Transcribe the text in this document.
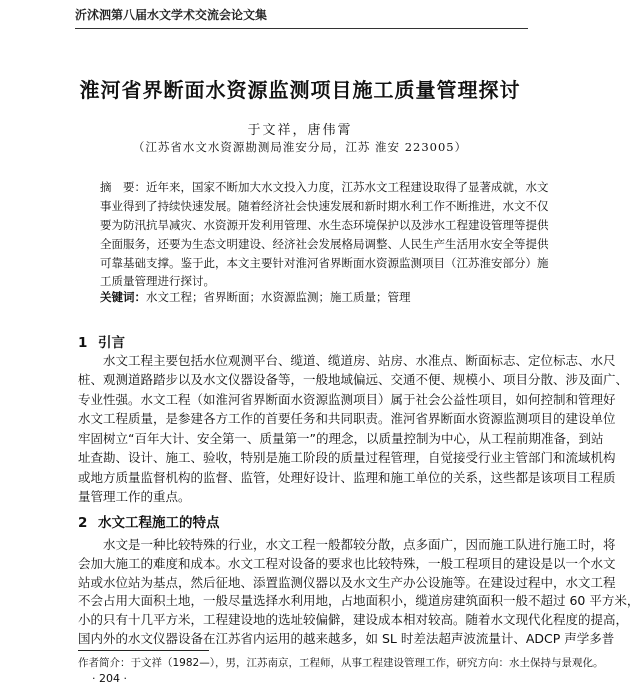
沂沭泗第八届水文学术交流会论文集
淮河省界断面水资源监测项目施工质量管理探讨
于文祥，唐伟霄
（江苏省水文水资源勘测局淮安分局，江苏 淮安 223005）
摘　要：近年来，国家不断加大水文投入力度，江苏水文工程建设取得了显著成就，水文
事业得到了持续快速发展。随着经济社会快速发展和新时期水利工作不断推进，水文不仅
要为防汛抗旱减灾、水资源开发利用管理、水生态环境保护以及涉水工程建设管理等提供
全面服务，还要为生态文明建设、经济社会发展格局调整、人民生产生活用水安全等提供
可靠基础支撑。鉴于此，本文主要针对淮河省界断面水资源监测项目（江苏淮安部分）施
工质量管理进行探讨。
关键词：水文工程；省界断面；水资源监测；施工质量；管理
1 引言
　　水文工程主要包括水位观测平台、缆道、缆道房、站房、水准点、断面标志、定位标志、水尺
桩、观测道路踏步以及水文仪器设备等，一般地域偏远、交通不便、规模小、项目分散、涉及面广、
专业性强。水文工程（如淮河省界断面水资源监测项目）属于社会公益性项目，如何控制和管理好
水文工程质量，是参建各方工作的首要任务和共同职责。淮河省界断面水资源监测项目的建设单位
牢固树立“百年大计、安全第一、质量第一”的理念，以质量控制为中心，从工程前期准备，到站
址查勘、设计、施工、验收，特别是施工阶段的质量过程管理，自觉接受行业主管部门和流域机构
或地方质量监督机构的监督、监管，处理好设计、监理和施工单位的关系，这些都是该项目工程质
量管理工作的重点。
2 水文工程施工的特点
　　水文是一种比较特殊的行业，水文工程一般都较分散，点多面广，因而施工队进行施工时，将
会加大施工的难度和成本。水文工程对设备的要求也比较特殊，一般工程项目的建设是以一个水文
站或水位站为基点，然后征地、添置监测仪器以及水文生产办公设施等。在建设过程中，水文工程
不会占用大面积土地，一般尽量选择水利用地，占地面积小，缆道房建筑面积一般不超过 60 平方米，
小的只有十几平方米，工程建设地的选址较偏僻，建设成本相对较高。随着水文现代化程度的提高，
国内外的水文仪器设备在江苏省内运用的越来越多，如 SL 时差法超声波流量计、ADCP 声学多普
作者简介：于文祥（1982—），男，江苏南京，工程师，从事工程建设管理工作，研究方向：水土保持与景观化。
· 204 ·
